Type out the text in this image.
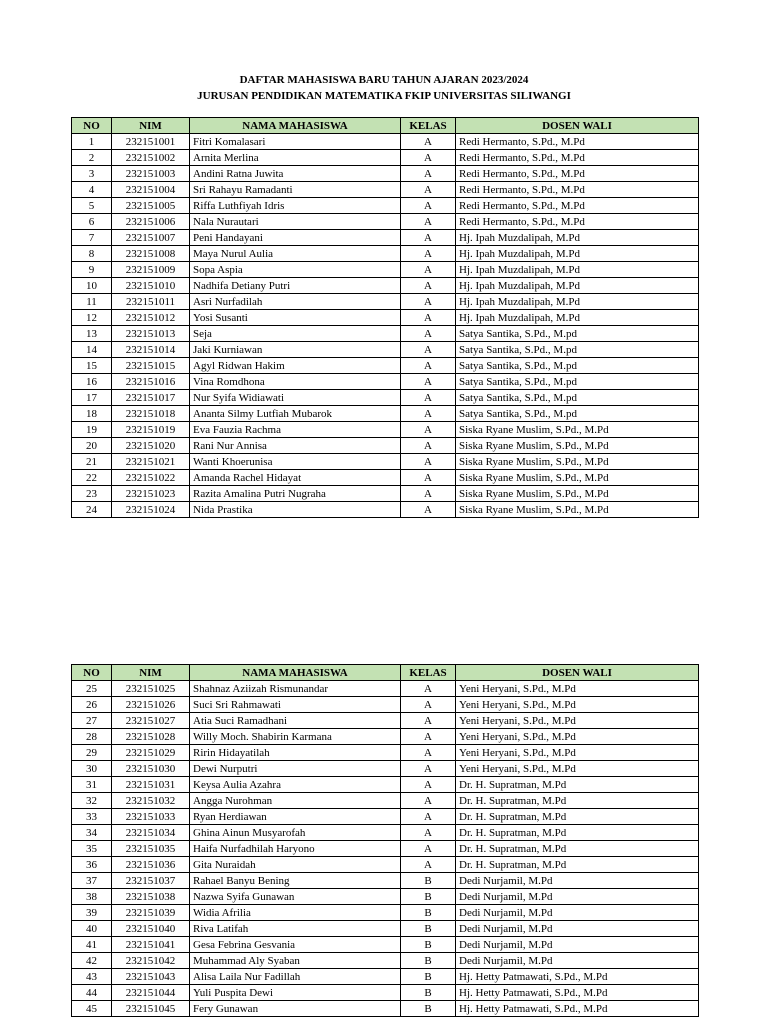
DAFTAR MAHASISWA BARU TAHUN AJARAN 2023/2024
JURUSAN PENDIDIKAN MATEMATIKA FKIP UNIVERSITAS SILIWANGI
NO	NIM	NAMA MAHASISWA	KELAS	DOSEN WALI
1	232151001	Fitri Komalasari	A	Redi Hermanto, S.Pd., M.Pd
2	232151002	Arnita Merlina	A	Redi Hermanto, S.Pd., M.Pd
3	232151003	Andini Ratna Juwita	A	Redi Hermanto, S.Pd., M.Pd
4	232151004	Sri Rahayu Ramadanti	A	Redi Hermanto, S.Pd., M.Pd
5	232151005	Riffa Luthfiyah Idris	A	Redi Hermanto, S.Pd., M.Pd
6	232151006	Nala Nurautari	A	Redi Hermanto, S.Pd., M.Pd
7	232151007	Peni Handayani	A	Hj. Ipah Muzdalipah, M.Pd
8	232151008	Maya Nurul Aulia	A	Hj. Ipah Muzdalipah, M.Pd
9	232151009	Sopa Aspia	A	Hj. Ipah Muzdalipah, M.Pd
10	232151010	Nadhifa Detiany Putri	A	Hj. Ipah Muzdalipah, M.Pd
11	232151011	Asri Nurfadilah	A	Hj. Ipah Muzdalipah, M.Pd
12	232151012	Yosi Susanti	A	Hj. Ipah Muzdalipah, M.Pd
13	232151013	Seja	A	Satya Santika, S.Pd., M.pd
14	232151014	Jaki Kurniawan	A	Satya Santika, S.Pd., M.pd
15	232151015	Agyl Ridwan Hakim	A	Satya Santika, S.Pd., M.pd
16	232151016	Vina Romdhona	A	Satya Santika, S.Pd., M.pd
17	232151017	Nur Syifa Widiawati	A	Satya Santika, S.Pd., M.pd
18	232151018	Ananta Silmy Lutfiah Mubarok	A	Satya Santika, S.Pd., M.pd
19	232151019	Eva Fauzia Rachma	A	Siska Ryane Muslim, S.Pd., M.Pd
20	232151020	Rani Nur Annisa	A	Siska Ryane Muslim, S.Pd., M.Pd
21	232151021	Wanti Khoerunisa	A	Siska Ryane Muslim, S.Pd., M.Pd
22	232151022	Amanda Rachel Hidayat	A	Siska Ryane Muslim, S.Pd., M.Pd
23	232151023	Razita Amalina Putri Nugraha	A	Siska Ryane Muslim, S.Pd., M.Pd
24	232151024	Nida Prastika	A	Siska Ryane Muslim, S.Pd., M.Pd
NO	NIM	NAMA MAHASISWA	KELAS	DOSEN WALI
25	232151025	Shahnaz Aziizah Rismunandar	A	Yeni Heryani, S.Pd., M.Pd
26	232151026	Suci Sri Rahmawati	A	Yeni Heryani, S.Pd., M.Pd
27	232151027	Atia Suci Ramadhani	A	Yeni Heryani, S.Pd., M.Pd
28	232151028	Willy Moch. Shabirin Karmana	A	Yeni Heryani, S.Pd., M.Pd
29	232151029	Ririn Hidayatilah	A	Yeni Heryani, S.Pd., M.Pd
30	232151030	Dewi Nurputri	A	Yeni Heryani, S.Pd., M.Pd
31	232151031	Keysa Aulia Azahra	A	Dr. H. Supratman, M.Pd
32	232151032	Angga Nurohman	A	Dr. H. Supratman, M.Pd
33	232151033	Ryan Herdiawan	A	Dr. H. Supratman, M.Pd
34	232151034	Ghina Ainun Musyarofah	A	Dr. H. Supratman, M.Pd
35	232151035	Haifa Nurfadhilah Haryono	A	Dr. H. Supratman, M.Pd
36	232151036	Gita Nuraidah	A	Dr. H. Supratman, M.Pd
37	232151037	Rahael Banyu Bening	B	Dedi Nurjamil, M.Pd
38	232151038	Nazwa Syifa Gunawan	B	Dedi Nurjamil, M.Pd
39	232151039	Widia Afrilia	B	Dedi Nurjamil, M.Pd
40	232151040	Riva Latifah	B	Dedi Nurjamil, M.Pd
41	232151041	Gesa Febrina Gesvania	B	Dedi Nurjamil, M.Pd
42	232151042	Muhammad Aly Syaban	B	Dedi Nurjamil, M.Pd
43	232151043	Alisa Laila Nur Fadillah	B	Hj. Hetty Patmawati, S.Pd., M.Pd
44	232151044	Yuli Puspita Dewi	B	Hj. Hetty Patmawati, S.Pd., M.Pd
45	232151045	Fery Gunawan	B	Hj. Hetty Patmawati, S.Pd., M.Pd
